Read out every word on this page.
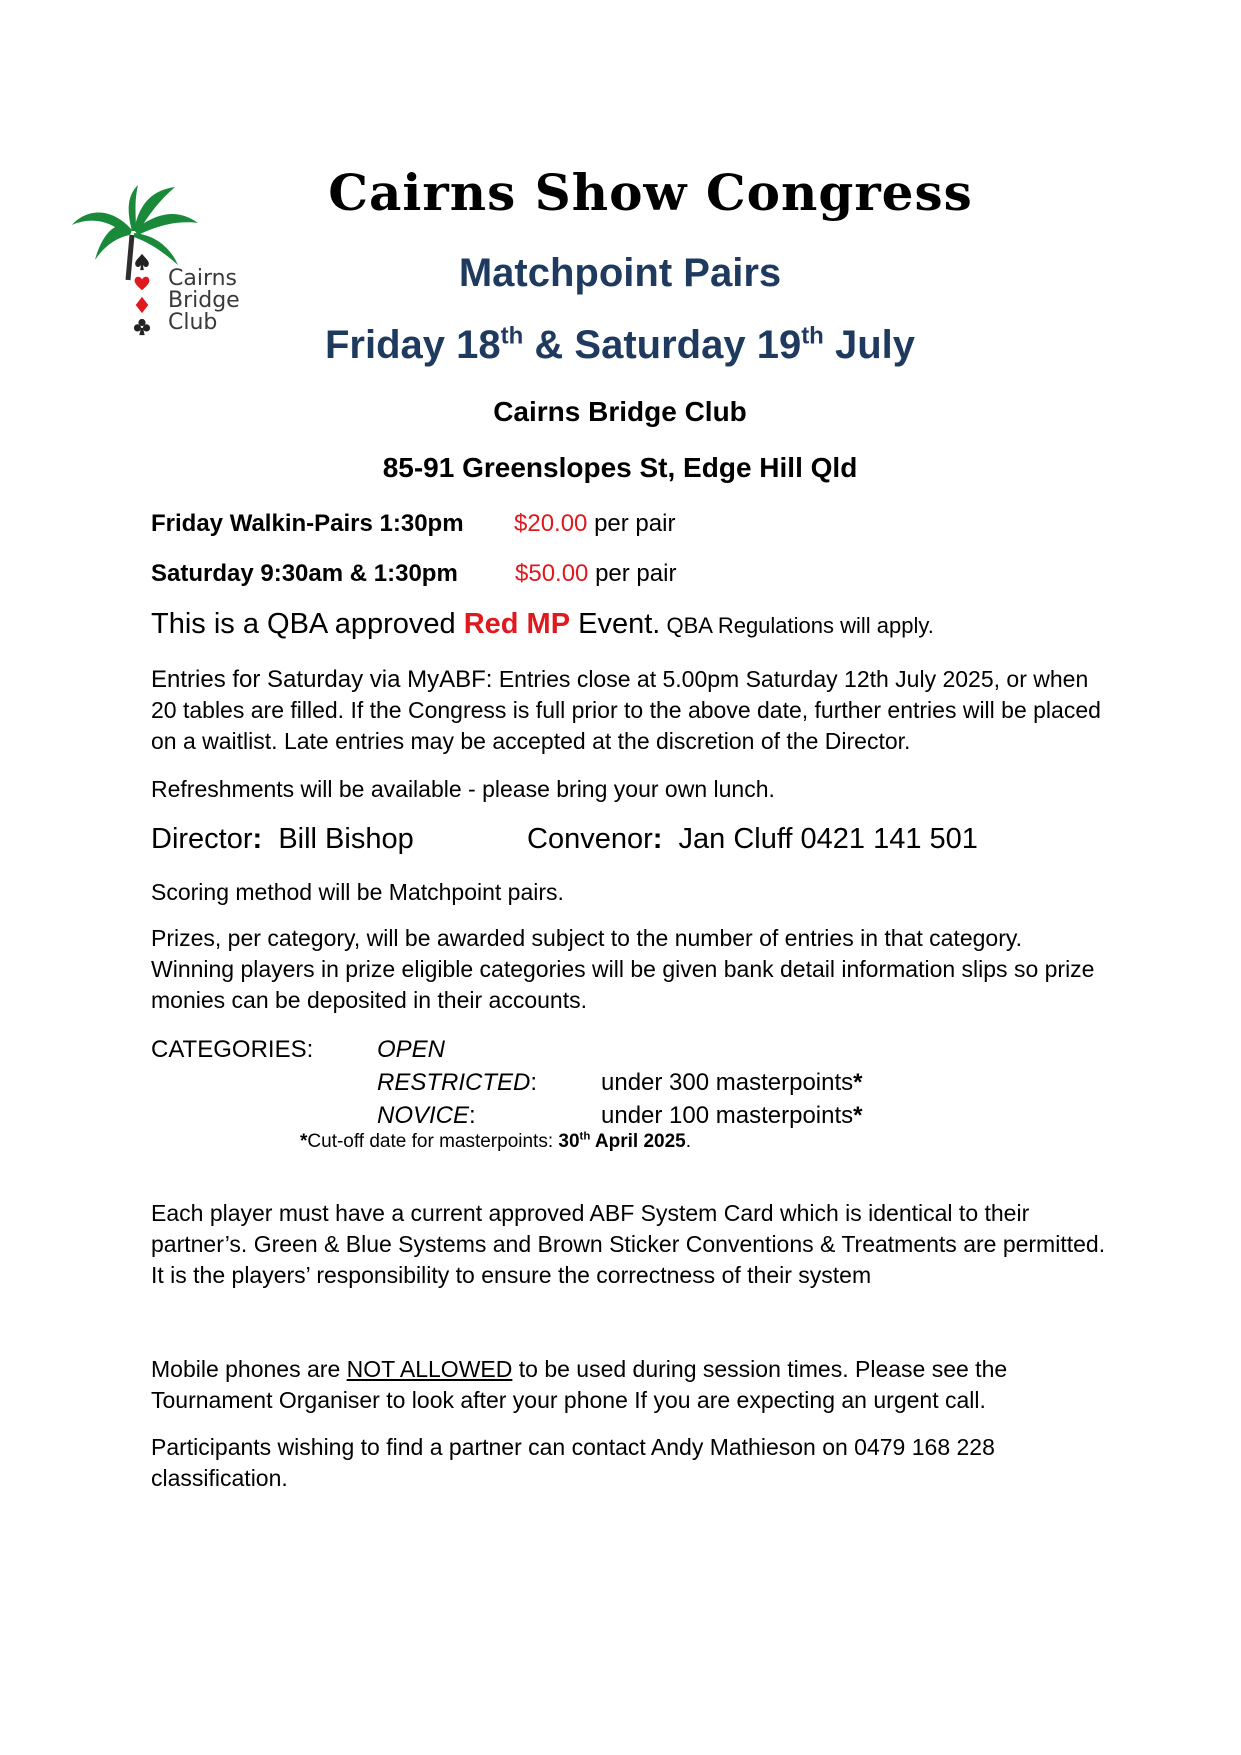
Cairns
Bridge
Club
Cairns Show Congress
Matchpoint Pairs
Friday 18th & Saturday 19th July
Cairns Bridge Club
85-91 Greenslopes St, Edge Hill Qld
Friday Walkin-Pairs 1:30pm $20.00 per pair
Saturday 9:30am & 1:30pm $50.00 per pair
This is a QBA approved Red MP Event. QBA Regulations will apply.
Entries for Saturday via MyABF: Entries close at 5.00pm Saturday 12th July 2025, or when 20 tables are filled. If the Congress is full prior to the above date, further entries will be placed on a waitlist. Late entries may be accepted at the discretion of the Director.
Refreshments will be available - please bring your own lunch.
Director: Bill Bishop	Convenor: Jan Cluff 0421 141 501
Scoring method will be Matchpoint pairs.
Prizes, per category, will be awarded subject to the number of entries in that category. Winning players in prize eligible categories will be given bank detail information slips so prize monies can be deposited in their accounts.
CATEGORIES:	OPEN
RESTRICTED:	under 300 masterpoints*
NOVICE:	under 100 masterpoints*
*Cut-off date for masterpoints: 30th April 2025.
Each player must have a current approved ABF System Card which is identical to their partner’s. Green & Blue Systems and Brown Sticker Conventions & Treatments are permitted. It is the players’ responsibility to ensure the correctness of their system
Mobile phones are NOT ALLOWED to be used during session times. Please see the Tournament Organiser to look after your phone If you are expecting an urgent call.
Participants wishing to find a partner can contact Andy Mathieson on 0479 168 228 classification.
